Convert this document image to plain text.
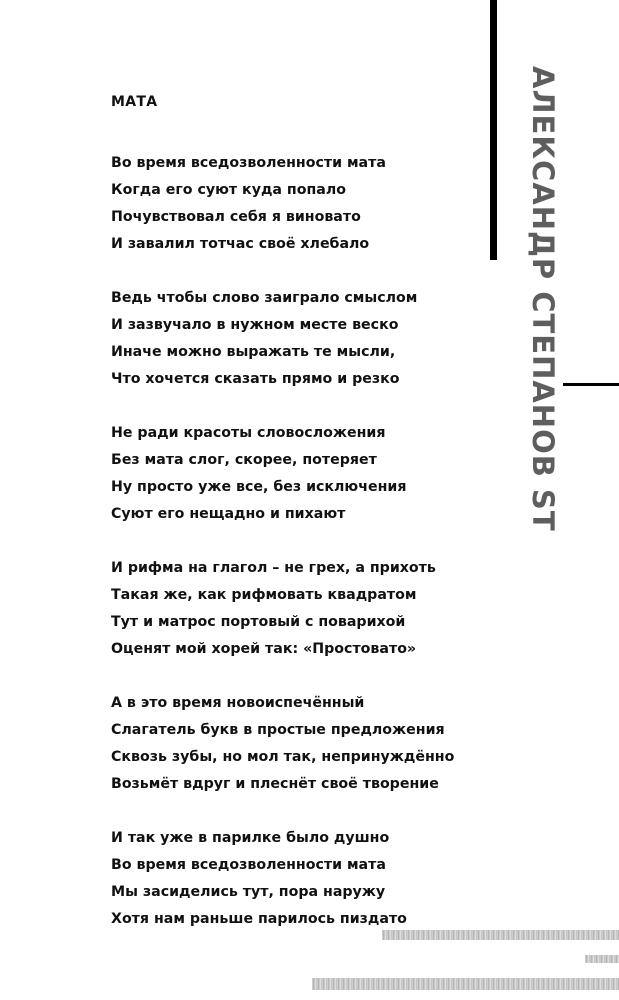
АЛЕКСАНДР СТЕПАНОВ ST
МАТА
Во время вседозволенности мата
Когда его суют куда попало
Почувствовал себя я виновато
И завалил тотчас своё хлебало
Ведь чтобы слово заиграло смыслом
И зазвучало в нужном месте веско
Иначе можно выражать те мысли,
Что хочется сказать прямо и резко
Не ради красоты словосложения
Без мата слог, скорее, потеряет
Ну просто уже все, без исключения
Суют его нещадно и пихают
И рифма на глагол – не грех, а прихоть
Такая же, как рифмовать квадратом
Тут и матрос портовый с поварихой
Оценят мой хорей так: «Простовато»
А в это время новоиспечённый
Слагатель букв в простые предложения
Сквозь зубы, но мол так, непринуждённо
Возьмёт вдруг и плеснёт своё творение
И так уже в парилке было душно
Во время вседозволенности мата
Мы засиделись тут, пора наружу
Хотя нам раньше парилось пиздато
